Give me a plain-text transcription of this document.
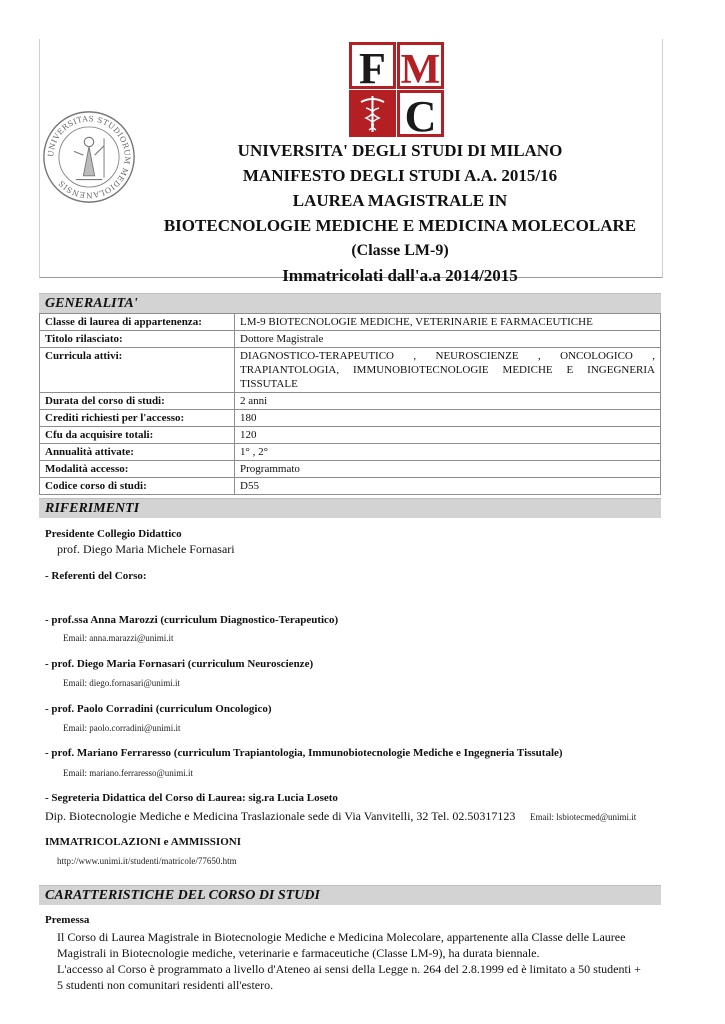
UNIVERSITAS STUDIORUM MEDIOLANENSIS
F M
C
UNIVERSITA' DEGLI STUDI DI MILANO
MANIFESTO DEGLI STUDI A.A. 2015/16
LAUREA MAGISTRALE IN
BIOTECNOLOGIE MEDICHE E MEDICINA MOLECOLARE
(Classe LM-9)
Immatricolati dall'a.a 2014/2015
GENERALITA'
Classe di laurea di appartenenza:	LM-9 BIOTECNOLOGIE MEDICHE, VETERINARIE E FARMACEUTICHE
Titolo rilasciato:	Dottore Magistrale
Curricula attivi:	DIAGNOSTICO-TERAPEUTICO , NEUROSCIENZE , ONCOLOGICO , TRAPIANTOLOGIA, IMMUNOBIOTECNOLOGIE MEDICHE E INGEGNERIA TISSUTALE
Durata del corso di studi:	2 anni
Crediti richiesti per l'accesso:	180
Cfu da acquisire totali:	120
Annualità attivate:	1° , 2°
Modalità accesso:	Programmato
Codice corso di studi:	D55
RIFERIMENTI
Presidente Collegio Didattico
prof. Diego Maria Michele Fornasari
- Referenti del Corso:
- prof.ssa Anna Marozzi (curriculum Diagnostico-Terapeutico)
Email: anna.marazzi@unimi.it
- prof. Diego Maria Fornasari (curriculum Neuroscienze)
Email: diego.fornasari@unimi.it
- prof. Paolo Corradini (curriculum Oncologico)
Email: paolo.corradini@unimi.it
- prof. Mariano Ferraresso (curriculum Trapiantologia, Immunobiotecnologie Mediche e Ingegneria Tissutale)
Email: mariano.ferraresso@unimi.it
- Segreteria Didattica del Corso di Laurea: sig.ra Lucia Loseto
Dip. Biotecnologie Mediche e Medicina Traslazionale sede di Via Vanvitelli, 32 Tel. 02.50317123 Email: lsbiotecmed@unimi.it
IMMATRICOLAZIONI e AMMISSIONI
http://www.unimi.it/studenti/matricole/77650.htm
CARATTERISTICHE DEL CORSO DI STUDI
Premessa

Il Corso di Laurea Magistrale in Biotecnologie Mediche e Medicina Molecolare, appartenente alla Classe delle Lauree Magistrali in Biotecnologie mediche, veterinarie e farmaceutiche (Classe LM-9), ha durata biennale.

L'accesso al Corso è programmato a livello d'Ateneo ai sensi della Legge n. 264 del 2.8.1999 ed è limitato a 50 studenti + 5 studenti non comunitari residenti all'estero.
